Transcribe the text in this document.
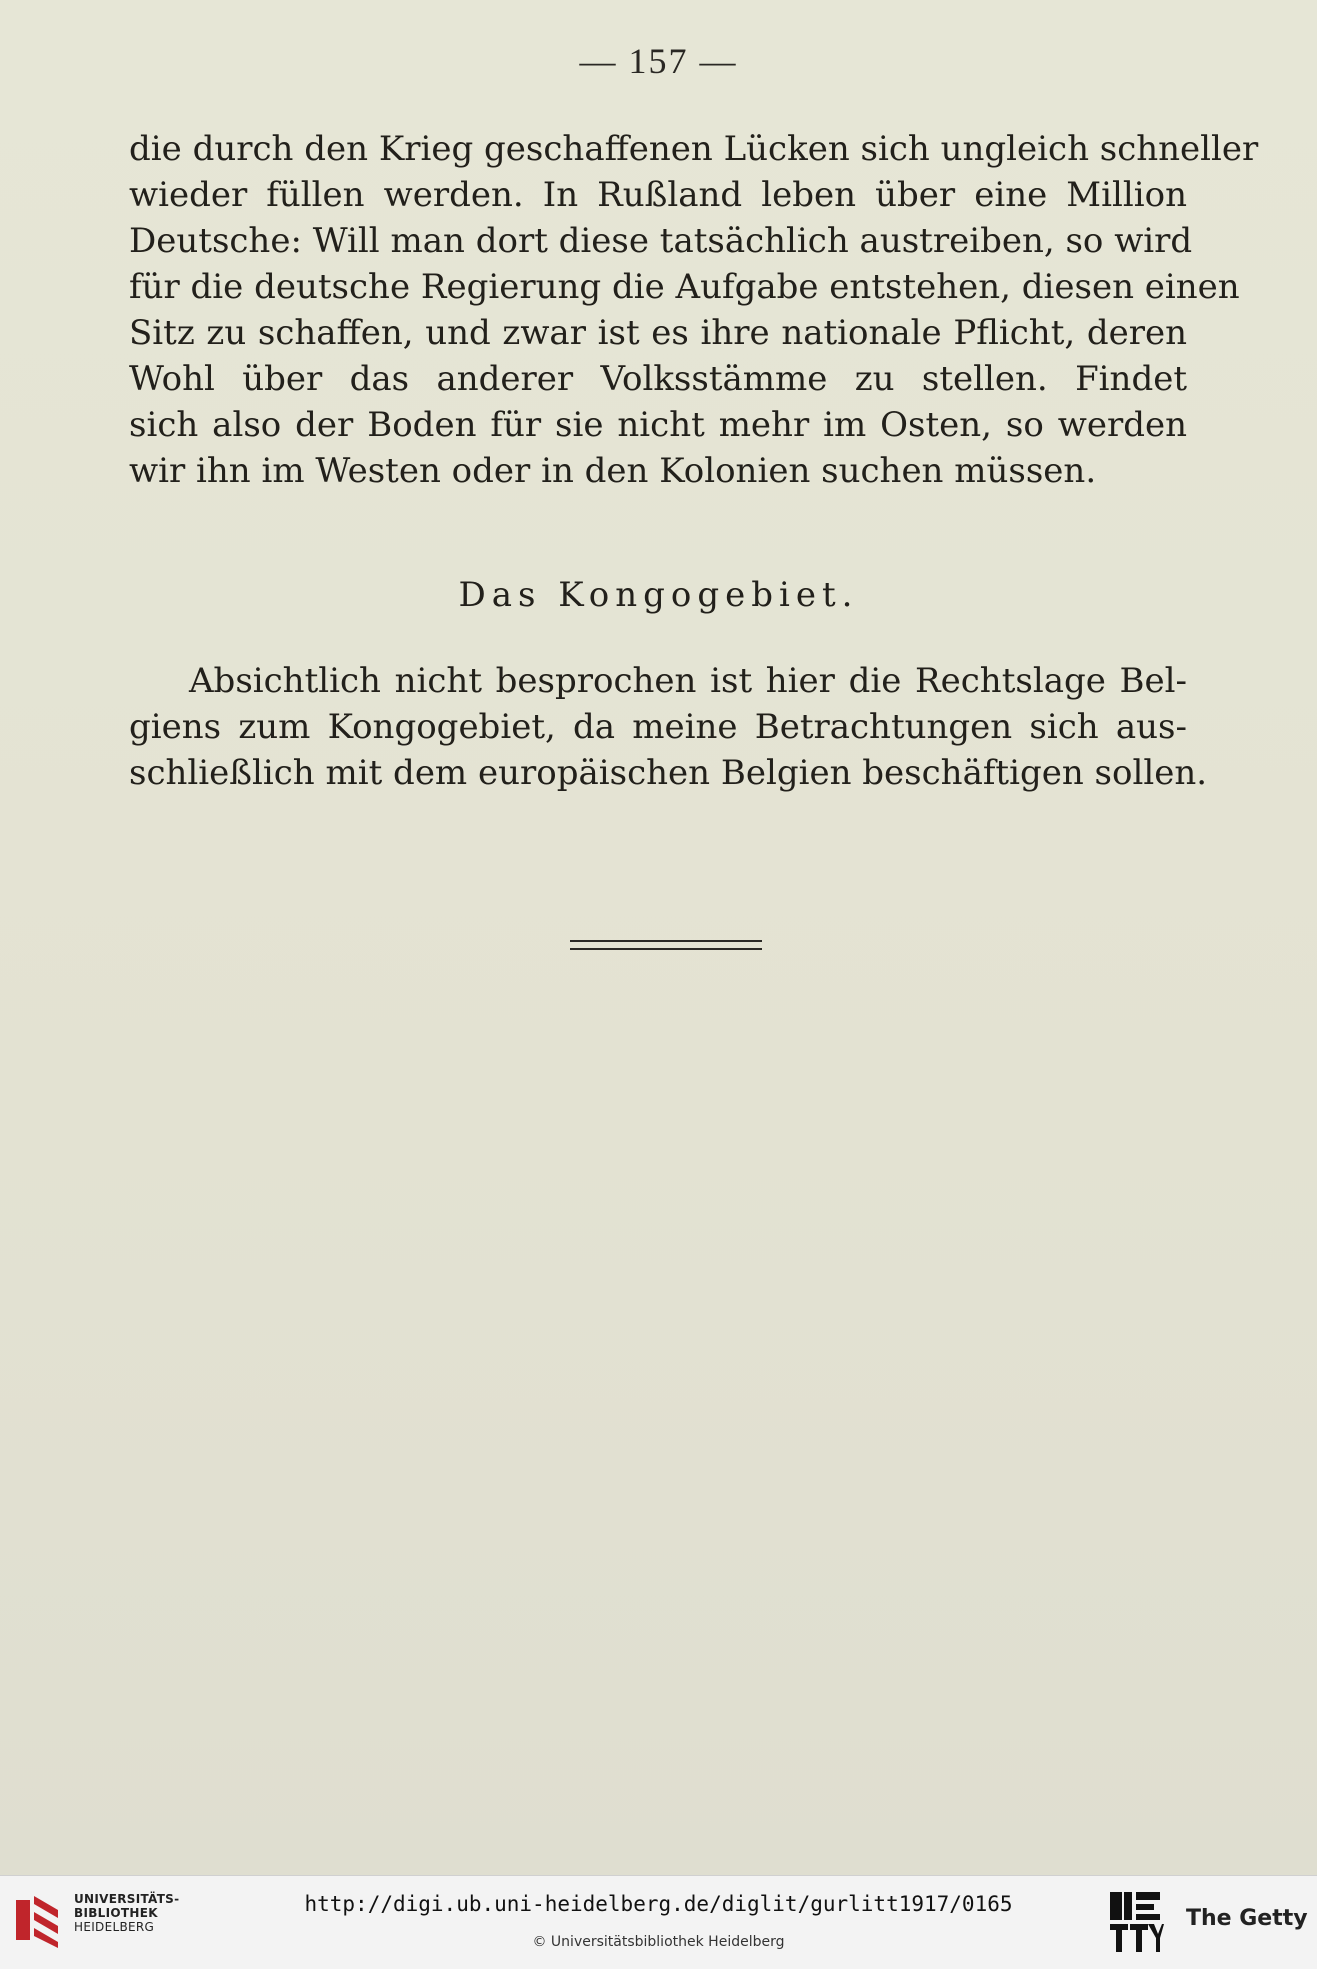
— 157 —
die durch den Krieg geschaffenen Lücken sich ungleich schneller
wieder füllen werden. In Rußland leben über eine Million
Deutsche: Will man dort diese tatsächlich austreiben, so wird
für die deutsche Regierung die Aufgabe entstehen, diesen einen
Sitz zu schaffen, und zwar ist es ihre nationale Pflicht, deren
Wohl über das anderer Volksstämme zu stellen. Findet
sich also der Boden für sie nicht mehr im Osten, so werden
wir ihn im Westen oder in den Kolonien suchen müssen.
Das Kongogebiet.
Absichtlich nicht besprochen ist hier die Rechtslage Bel-
giens zum Kongogebiet, da meine Betrachtungen sich aus-
schließlich mit dem europäischen Belgien beschäftigen sollen.
UNIVERSITÄTS-
BIBLIOTHEK
HEIDELBERG
http://digi.ub.uni-heidelberg.de/diglit/gurlitt1917/0165
© Universitätsbibliothek Heidelberg
The Getty
